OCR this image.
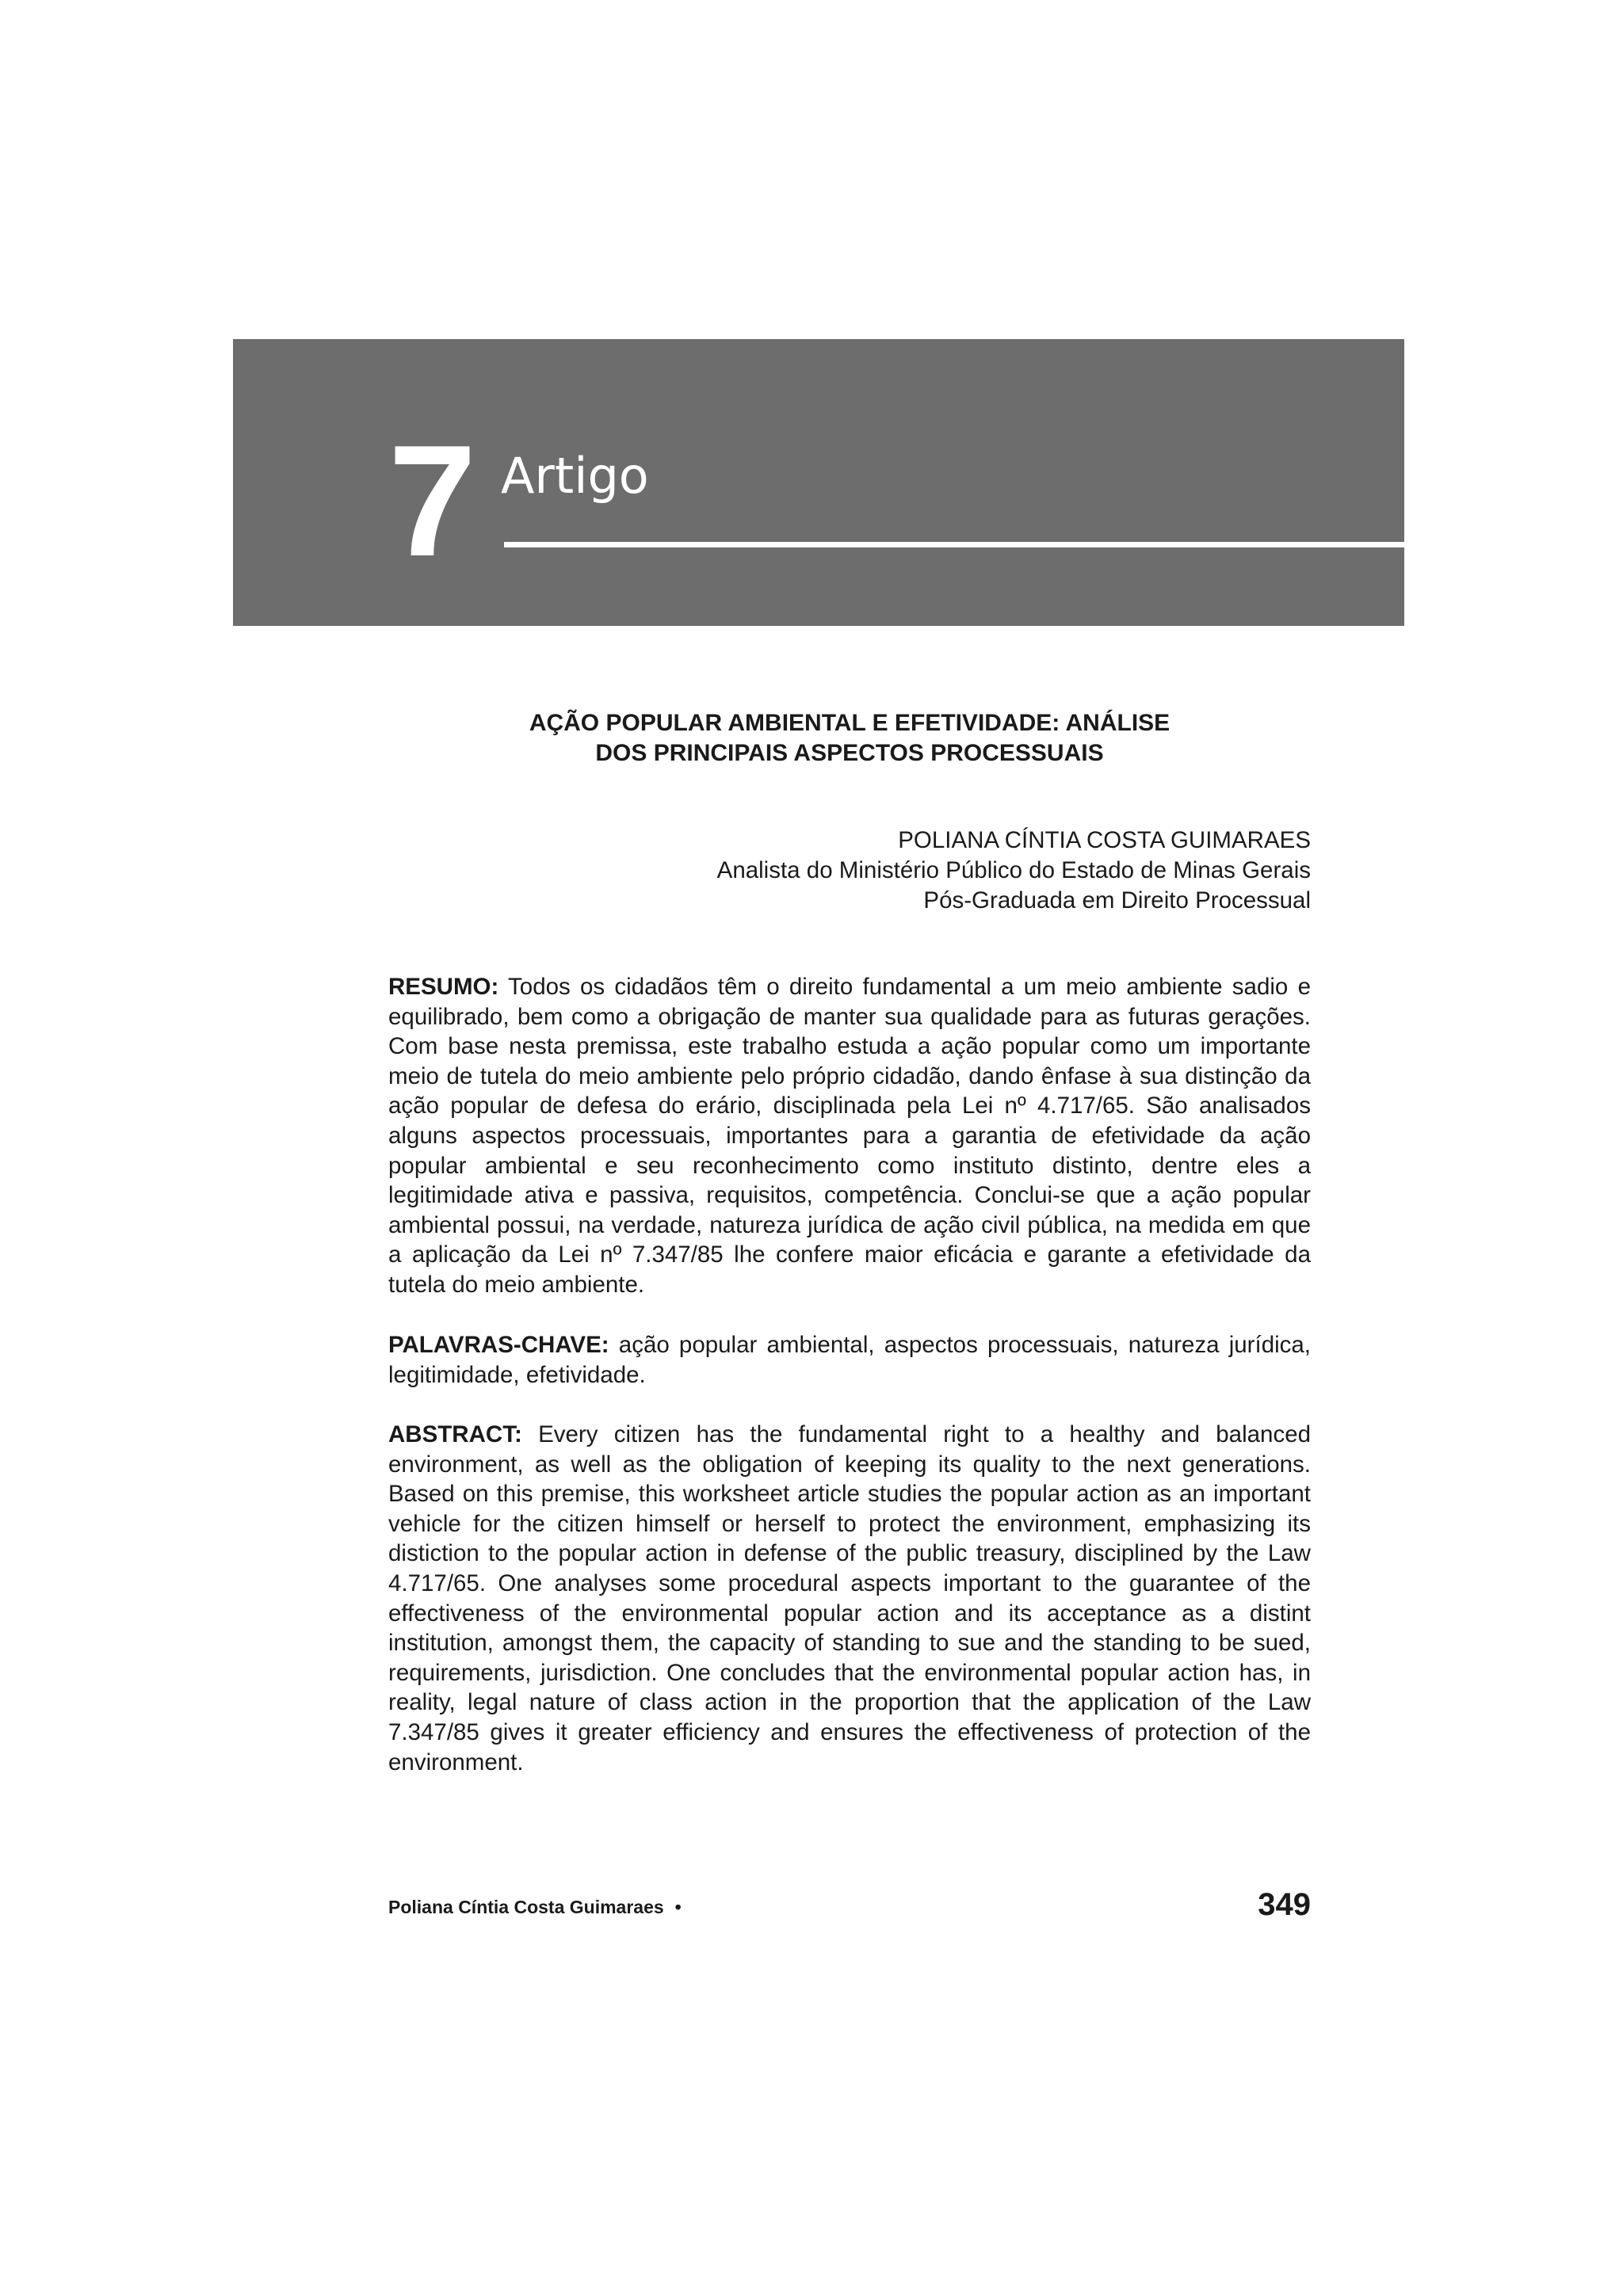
7 Artigo
AÇÃO POPULAR AMBIENTAL E EFETIVIDADE: ANÁLISE
DOS PRINCIPAIS ASPECTOS PROCESSUAIS
POLIANA CÍNTIA COSTA GUIMARAES
Analista do Ministério Público do Estado de Minas Gerais
Pós-Graduada em Direito Processual
RESUMO: Todos os cidadãos têm o direito fundamental a um meio ambiente sadio e equilibrado, bem como a obrigação de manter sua qualidade para as futuras gerações. Com base nesta premissa, este trabalho estuda a ação popular como um importante meio de tutela do meio ambiente pelo próprio cidadão, dando ênfase à sua distinção da ação popular de defesa do erário, disciplinada pela Lei nº 4.717/65. São analisados alguns aspectos processuais, importantes para a garantia de efetividade da ação popular ambiental e seu reconhecimento como instituto distinto, dentre eles a legitimidade ativa e passiva, requisitos, competência. Conclui-se que a ação popular ambiental possui, na verdade, natureza jurídica de ação civil pública, na medida em que a aplicação da Lei nº 7.347/85 lhe confere maior eficácia e garante a efetividade da tutela do meio ambiente.
PALAVRAS-CHAVE: ação popular ambiental, aspectos processuais, natureza jurídica, legitimidade, efetividade.
ABSTRACT: Every citizen has the fundamental right to a healthy and balanced environment, as well as the obligation of keeping its quality to the next generations. Based on this premise, this worksheet article studies the popular action as an important vehicle for the citizen himself or herself to protect the environment, emphasizing its distiction to the popular action in defense of the public treasury, disciplined by the Law 4.717/65. One analyses some procedural aspects important to the guarantee of the effectiveness of the environmental popular action and its acceptance as a distint institution, amongst them, the capacity of standing to sue and the standing to be sued, requirements, jurisdiction. One concludes that the environmental popular action has, in reality, legal nature of class action in the proportion that the application of the Law 7.347/85 gives it greater efficiency and ensures the effectiveness of protection of the environment.
Poliana Cíntia Costa Guimaraes •	349
